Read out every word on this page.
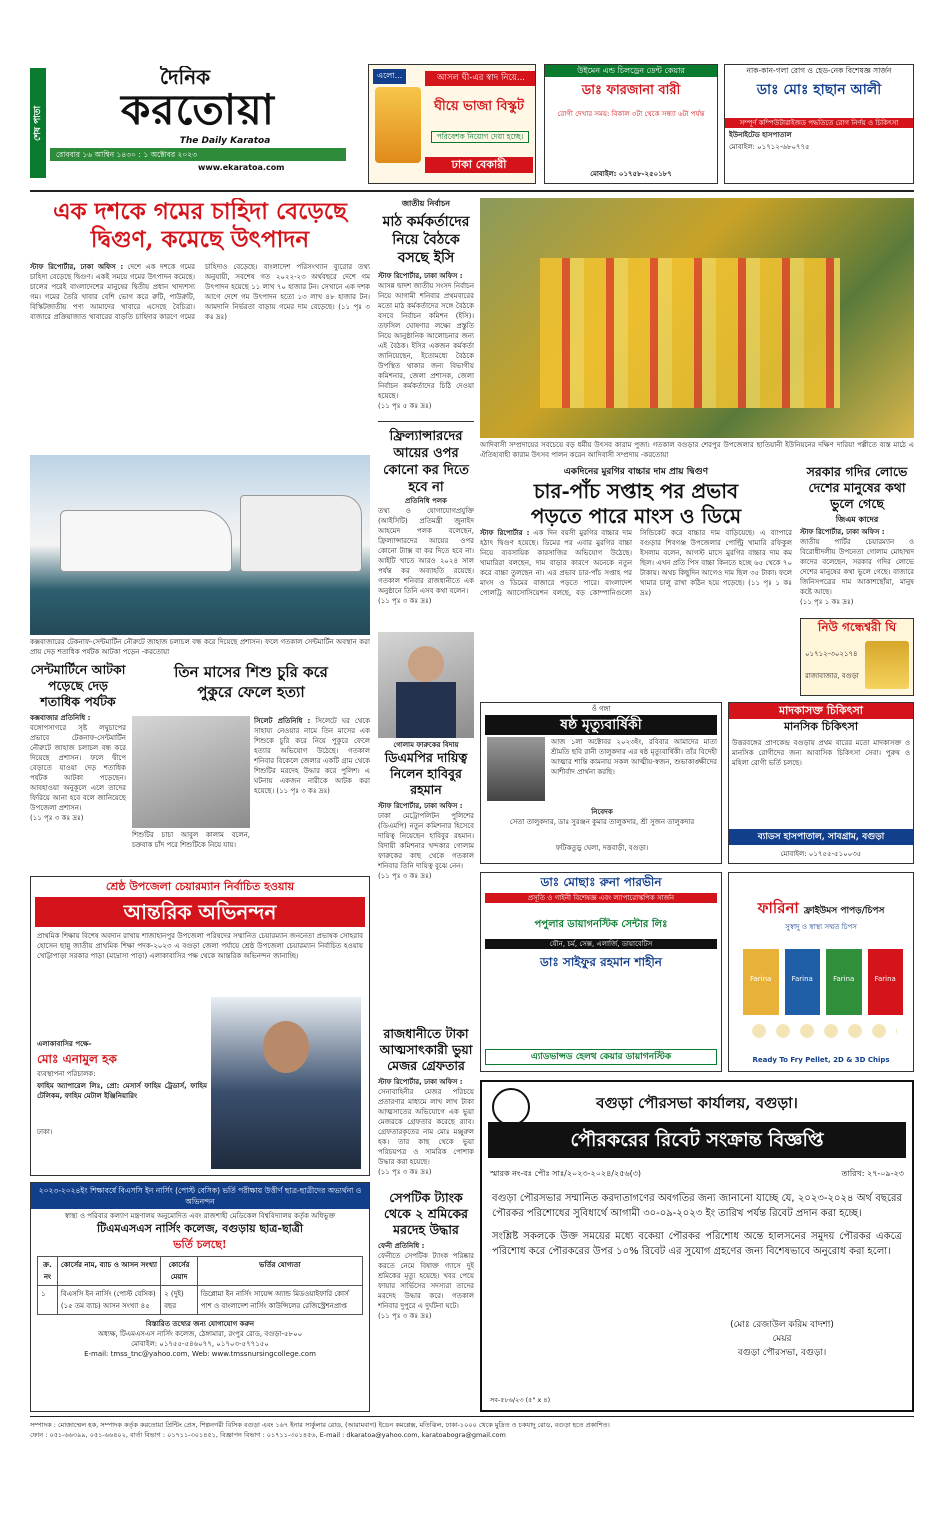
শেষ পাতা
দৈনিক
করতোয়া
The Daily Karatoa
রোববার ১৬ আশ্বিন ১৪৩০ : ১ অক্টোবর ২০২৩
www.ekaratoa.com
এলো...	আসল ঘী-এর স্বাদ নিয়ে...
ঘীয়ে ভাজা বিস্কুট
পরিবেশক নিয়োগ দেয়া হচ্ছে।
ঢাকা বেকারী
উইমেন এন্ড চিলড্রেন ডেন্ট কেয়ার
ডাঃ ফারজানা বারী
রোগী দেখার সময়: বিকাল ৩টা থেকে সন্ধ্যা ৬টা পর্যন্ত
মোবাইল: ০১৭৫৮-২৫০১৮৭
নাক-কান-গলা রোগ ও হেড-নেক বিশেষজ্ঞ সার্জন
ডাঃ মোঃ হাছান আলী
সম্পূর্ণ কম্পিউটারাইজড পদ্ধতিতে রোগ নির্ণয় ও চিকিৎসা
ইউনাইটেড হাসপাতাল
মোবাইল: ০১৭১২-৬৮০৭৭৫
এক দশকে গমের চাহিদা বেড়েছে
দ্বিগুণ, কমেছে উৎপাদন
স্টাফ রিপোর্টার, ঢাকা অফিস : দেশে এক দশকে গমের চাহিদা বেড়েছে দ্বিগুণ। একই সময়ে গমের উৎপাদন কমেছে। চালের পরেই বাংলাদেশের মানুষের দ্বিতীয় প্রধান খাদ্যশস্য গম। গমের তৈরি খাবার বেশি ভোগ করে রুটি, পাউরুটি, বিস্কিটজাতীয় পণ্য আমাদের খাবারে এসেছে বৈচিত্র্য। বাজারে প্রক্রিয়াজাত খাবারের বাড়তি চাহিদার কারণে গমের চাহিদাও বেড়েছে। বাংলাদেশ পরিসংখ্যান ব্যুরোর তথ্য অনুযায়ী, সবশেষ গত ২০২২-২৩ অর্থবছরে দেশে গম উৎপাদন হয়েছে ১১ লাখ ৭০ হাজার টন। সেখানে এক দশক আগে দেশে গম উৎপাদন হতো ১৩ লাখ ৪৮ হাজার টন। আমদানি নির্ভরতা বাড়ায় গমের দাম বেড়েছে। (১১ পৃঃ ৩ কঃ দ্রঃ)
কক্সবাজারের টেকনাফ-সেন্টমার্টিন নৌরুটে জাহাজ চলাচল বন্ধ করে দিয়েছে প্রশাসন। ফলে গতকাল সেন্টমার্টিন অবস্থান করা প্রায় দেড় শতাধিক পর্যটক আটকা পড়েন -করতোয়া
জাতীয় নির্বাচন
মাঠ কর্মকর্তাদের নিয়ে বৈঠকে বসছে ইসি
স্টাফ রিপোর্টার, ঢাকা অফিস :
আসন্ন দ্বাদশ জাতীয় সংসদ নির্বাচন নিয়ে আগামী শনিবার প্রথমবারের মতো মাঠ কর্মকর্তাদের সঙ্গে বৈঠকে বসবে নির্বাচন কমিশন (ইসি)। তফসিল ঘোষণার লক্ষ্যে প্রস্তুতি নিয়ে আনুষ্ঠানিক আলোচনার জন্য এই বৈঠক। ইসির একজন কর্মকর্তা জানিয়েছেন, ইতোমধ্যে বৈঠকে উপস্থিত থাকার জন্য বিভাগীয় কমিশনার, জেলা প্রশাসক, জেলা নির্বাচন কর্মকর্তাদের চিঠি দেওয়া হয়েছে।
(১১ পৃঃ ৫ কঃ দ্রঃ)
ফ্রিল্যান্সারদের আয়ের ওপর কোনো কর দিতে হবে না
প্রতিনিধি পলক
তথ্য ও যোগাযোগপ্রযুক্তি (আইসিটি) প্রতিমন্ত্রী জুনাইদ আহমেদ পলক বলেছেন, ফ্রিল্যান্সারদের আয়ের ওপর কোনো ট্যাক্স বা কর দিতে হবে না। আইটি খাতে আরও ২০২৪ সাল পর্যন্ত কর অব্যাহতি রয়েছে। গতকাল শনিবার রাজধানীতে এক অনুষ্ঠানে তিনি এসব কথা বলেন।
(১১ পৃঃ ৩ কঃ দ্রঃ)
আদিবাসী সম্প্রদায়ের সবচেয়ে বড় ধর্মীয় উৎসব কারাম পুজা। গতকাল বগুড়ার শেরপুর উপজেলার ছাতিয়ানী ইউনিয়নের দক্ষিণ দারিয়া পল্লীতে ব্যস্ত মাঠে এ ঐতিহ্যবাহী কারাম উৎসব পালন করেন আদিবাসী সম্প্রদায় -করতোয়া
একদিনের মুরগির বাচ্চার দাম প্রায় দ্বিগুণ
চার-পাঁচ সপ্তাহ পর প্রভাব
পড়তে পারে মাংস ও ডিমে
স্টাফ রিপোর্টার : এক দিন বয়সী মুরগির বাচ্চার দাম হঠাৎ দ্বিগুণ হয়েছে। ডিমের পর এবার মুরগির বাচ্চা নিয়ে ব্যবসায়িক কারসাজির অভিযোগ উঠেছে। খামারিরা বলছেন, দাম বাড়ার কারণে অনেকে নতুন করে বাচ্চা তুলছেন না। এর প্রভাব চার-পাঁচ সপ্তাহ পর মাংস ও ডিমের বাজারে পড়তে পারে। বাংলাদেশ পোলট্রি অ্যাসোসিয়েশন বলছে, বড় কোম্পানিগুলো সিন্ডিকেট করে বাচ্চার দাম বাড়িয়েছে। এ ব্যাপারে বগুড়ার শিবগঞ্জ উপজেলার পোল্ট্রি খামারি রফিকুল ইসলাম বলেন, আগস্ট মাসে মুরগির বাচ্চার দাম কম ছিল। এখন প্রতি পিস বাচ্চা কিনতে হচ্ছে ৬৫ থেকে ৭০ টাকায়। অথচ কিছুদিন আগেও দাম ছিল ৩৫ টাকা। ফলে খামার চালু রাখা কঠিন হয়ে পড়েছে। (১১ পৃঃ ১ কঃ দ্রঃ)
সরকার গদির লোভে দেশের মানুষের কথা ভুলে গেছে
জিএম কাদের
স্টাফ রিপোর্টার, ঢাকা অফিস :
জাতীয় পার্টির চেয়ারম্যান ও বিরোধীদলীয় উপনেতা গোলাম মোহাম্মদ কাদের বলেছেন, সরকার গদির লোভে দেশের মানুষের কথা ভুলে গেছে। বাজারে জিনিসপত্রের দাম আকাশছোঁয়া, মানুষ কষ্টে আছে।
(১১ পৃঃ ১ কঃ দ্রঃ)
নিউ গন্ধেশ্বরী ঘি
০১৭১২-৩০২১৭৪
রাজাবাজার, বগুড়া
সেন্টমার্টিনে আটকা পড়েছে দেড় শতাধিক পর্যটক
কক্সবাজার প্রতিনিধি :
বঙ্গোপসাগরে সৃষ্ট লঘুচাপের প্রভাবে টেকনাফ-সেন্টমার্টিন নৌরুটে জাহাজ চলাচল বন্ধ করে দিয়েছে প্রশাসন। ফলে দ্বীপে বেড়াতে যাওয়া দেড় শতাধিক পর্যটক আটকা পড়েছেন। আবহাওয়া অনুকূলে এলে তাদের ফিরিয়ে আনা হবে বলে জানিয়েছে উপজেলা প্রশাসন।
(১১ পৃঃ ৩ কঃ দ্রঃ)
তিন মাসের শিশু চুরি করে
পুকুরে ফেলে হত্যা
শিশুটির চাচা আবুল কালাম বলেন, চক্রবাক চাঁদ পরে শিশুটিকে নিয়ে যায়।
সিলেট প্রতিনিধি : সিলেটে ঘর থেকে সাহায্য নেওয়ার নামে তিন মাসের এক শিশুকে চুরি করে নিয়ে পুকুরে ফেলে হত্যার অভিযোগ উঠেছে। গতকাল শনিবার বিকেলে জেলার একটি গ্রাম থেকে শিশুটির মরদেহ উদ্ধার করে পুলিশ। এ ঘটনায় একজন নারীকে আটক করা হয়েছে। (১১ পৃঃ ৩ কঃ দ্রঃ)
গোলাম ফারুকের বিদায়
ডিএমপির দায়িত্ব নিলেন হাবিবুর রহমান
স্টাফ রিপোর্টার, ঢাকা অফিস :
ঢাকা মেট্রোপলিটন পুলিশের (ডিএমপি) নতুন কমিশনার হিসেবে দায়িত্ব নিয়েছেন হাবিবুর রহমান। বিদায়ী কমিশনার খন্দকার গোলাম ফারুকের কাছ থেকে গতকাল শনিবার তিনি দায়িত্ব বুঝে নেন।
(১১ পৃঃ ৩ কঃ দ্রঃ)
ওঁ গঙ্গা
ষষ্ঠ মৃত্যুবার্ষিকী
আজ ১লা অক্টোবর ২০২৩ইং, রবিবার আমাদের মাতা শ্রীমতি ছবি রানী তালুকদার এর ষষ্ঠ মৃত্যুবার্ষিকী। তাঁর বিদেহী আত্মার শান্তি কামনায় সকল আত্মীয়-স্বজন, শুভাকাঙ্ক্ষীদের আশীর্বাদ প্রার্থনা করছি।
নিবেদক
সেতা তালুকদার, ডাঃ সুরঞ্জন কুমার তালুকদার, শ্রী সুজন তালুকদার
ফটিকতুড়ু ঘেলা, দত্তবাড়ী, বগুড়া।
মাদকাসক্ত চিকিৎসা
মানসিক চিকিৎসা
উত্তরবঙ্গের প্রাণকেন্দ্র বগুড়ায় প্রথম বারের মতো মাদকাসক্ত ও মানসিক রোগীদের জন্য আবাসিক চিকিৎসা সেবা। পুরুষ ও মহিলা রোগী ভর্তি চলছে।
ব্যাডস হাসপাতাল, সাবগ্রাম, বগুড়া
মোবাইল: ০১৭৫৫-৫১০০৩৫
ডাঃ মোছাঃ রুনা পারভীন
প্রসূতি ও গাইনী বিশেষজ্ঞ এবং ল্যাপারোস্কপিক সার্জন
পপুলার ডায়াগনস্টিক সেন্টার লিঃ
যৌন, চর্ম, সেক্স, এলার্জি, ডায়াবেটিস
ডাঃ সাইফুর রহমান শাহীন
এ্যাডভান্সড হেলথ কেয়ার ডায়াগনস্টিক
ফারিনা ফ্রাইউমস পাপড়/চিপস
সুস্বাদু ও স্বাস্থ্য সম্মত চিপস
Farina	Farina	Farina	Farina
Ready To Fry Pellet, 2D & 3D Chips
শ্রেষ্ঠ উপজেলা চেয়ারম্যান নির্বাচিত হওয়ায়
আন্তরিক অভিনন্দন
প্রাথমিক শিক্ষায় বিশেষ অবদান রাখায় শাজাহানপুর উপজেলা পরিষদের সম্মানিত চেয়ারম্যান জননেতা প্রভাষক সোহরাব হোসেন ছান্নু জাতীয় প্রাথমিক শিক্ষা পদক-২০২৩ এ বগুড়া জেলা পর্যায়ে শ্রেষ্ঠ উপজেলা চেয়ারম্যান নির্বাচিত হওয়ায় খোট্টাপাড়া সরকার পাড়া (মাদ্রাসা পাড়া) এলাকাবাসির পক্ষ থেকে আন্তরিক অভিনন্দন জানাচ্ছি।
এলাকাবাসির পক্ষে-
মোঃ এনামুল হক
ব্যবস্থাপনা পরিচালক:
ফাহিম অ্যাপারেল লিঃ, প্রো: মেসার্স ফাহিম ট্রেডার্স, ফাহিম টেলিকম, ফাহিম মেটাল ইঞ্জিনিয়ারিং
ঢাকা।
রাজধানীতে টাকা আত্মসাৎকারী ভুয়া মেজর গ্রেফতার
স্টাফ রিপোর্টার, ঢাকা অফিস :
সেনাবাহিনীর মেজর পরিচয়ে প্রতারণার মাধ্যমে লাখ লাখ টাকা আত্মসাতের অভিযোগে এক ভুয়া মেজরকে গ্রেফতার করেছে র‍্যাব। গ্রেফতারকৃতের নাম মোঃ মঞ্জুরুল হক। তার কাছ থেকে ভুয়া পরিচয়পত্র ও সামরিক পোশাক উদ্ধার করা হয়েছে।
(১১ পৃঃ ৩ কঃ দ্রঃ)
সেপটিক ট্যাংক থেকে ২ শ্রমিকের মরদেহ উদ্ধার
ফেনী প্রতিনিধি :
ফেনীতে সেপটিক ট্যাংক পরিষ্কার করতে নেমে বিষাক্ত গ্যাসে দুই শ্রমিকের মৃত্যু হয়েছে। খবর পেয়ে ফায়ার সার্ভিসের সদস্যরা তাদের মরদেহ উদ্ধার করে। গতকাল শনিবার দুপুরে এ দুর্ঘটনা ঘটে।
(১১ পৃঃ ৩ কঃ দ্রঃ)
২০২৩-২০২৪ইং শিক্ষাবর্ষে বিএসসি ইন নার্সিং (পোস্ট বেসিক) ভর্তি পরীক্ষায় উত্তীর্ণ ছাত্র-ছাত্রীদের অভ্যর্থনা ও অভিনন্দন
স্বাস্থ্য ও পরিবার কল্যাণ মন্ত্রণালয় অনুমোদিত এবং রাজশাহী মেডিকেল বিশ্ববিদ্যালয় কর্তৃক অধিভুক্ত
টিএমএসএস নার্সিং কলেজ, বগুড়ায় ছাত্র-ছাত্রী
ভর্তি চলছে!
ক্র. নং	কোর্সের নাম, ব্যাচ ও আসন সংখ্যা	কোর্সের মেয়াদ	ভর্তির যোগ্যতা
১	বিএসসি ইন নার্সিং (পোস্ট বেসিক) (১৫ তম ব্যাচ) আসন সংখ্যা ৪৫	২ (দুই) বছর	ডিপ্লোমা ইন নার্সিং সায়েন্স অ্যান্ড মিডওয়াইফারি কোর্স পাশ ও বাংলাদেশ নার্সিং কাউন্সিলের রেজিস্ট্রেশনপ্রাপ্ত
বিস্তারিত তথ্যের জন্য যোগাযোগ করুন
অধ্যক্ষ, টিএমএসএস নার্সিং কলেজ, ঠেঙ্গামারা, রংপুর রোড, বগুড়া-৫৮০০
মোবাইল: ০১৭৫৫-৫৪৬০৭৭, ০১৭০৩-৫৭৭১৫০
E-mail: tmss_tnc@yahoo.com, Web: www.tmssnursingcollege.com
বগুড়া পৌরসভা কার্যালয়, বগুড়া।
পৌরকরের রিবেট সংক্রান্ত বিজ্ঞপ্তি
স্মারক নং-বঃ পৌঃ সাঃ/২০২৩-২০২৪/২৫৬(৩)	তারিখ: ২৭-০৯-২৩
বগুড়া পৌরসভার সম্মানিত করদাতাগণের অবগতির জন্য জানানো যাচ্ছে যে, ২০২৩-২০২৪ অর্থ বছরের পৌরকর পরিশোধের সুবিধার্থে আগামী ৩০-০৯-২০২৩ ইং তারিখ পর্যন্ত রিবেট প্রদান করা হচ্ছে।
সংশ্লিষ্ট সকলকে উক্ত সময়ের মধ্যে বকেয়া পৌরকর পরিশোধ অন্তে হালসনের সমুদয় পৌরকর একত্রে পরিশোধ করে পৌরকরের উপর ১০% রিবেট এর সুযোগ গ্রহণের জন্য বিশেষভাবে অনুরোধ করা হলো।
(মোঃ রেজাউল করিম বাদশা)
মেয়র
বগুড়া পৌরসভা, বগুড়া।
সব-৫৮৬/২৩ (৫" x ৪)
সম্পাদক : মোজাম্মেল হক, সম্পাদক কর্তৃক করতোয়া প্রিন্টিং প্রেস, শিল্পনগরী বিসিক বগুড়া এবং ১৬৭ ইনার সার্কুলার রোড, (আরামবাগ) ইডেন কমপ্লেক্স, মতিঝিল, ঢাকা-১০০০ থেকে মুদ্রিত ও চকযাদু রোড, বগুড়া হতে প্রকাশিত।
ফোন : ০৫১-৬৬৩৯৯, ০৫১-৬৬৪০২, বার্তা বিভাগ : ০১৭১১-৩০১৪৫১, বিজ্ঞাপন বিভাগ : ০১৭১১-৩০১৪৫৬, E-mail : dkaratoa@yahoo.com, karatoabogra@gmail.com
